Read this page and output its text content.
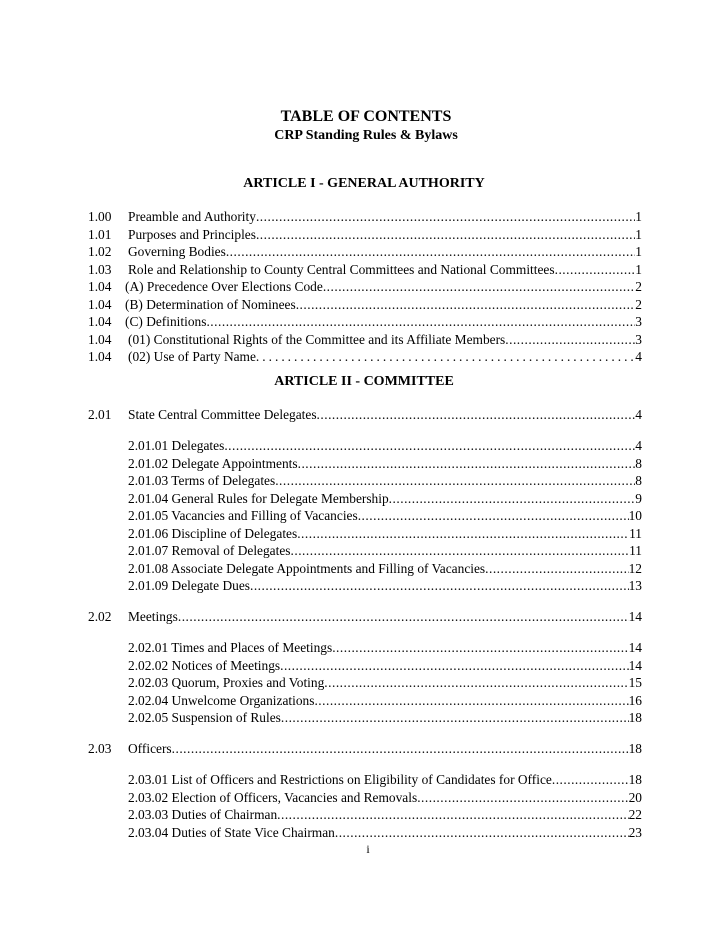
TABLE OF CONTENTS
CRP Standing Rules & Bylaws
ARTICLE I - GENERAL AUTHORITY
1.00	Preamble and Authority .....	1
1.01	Purposes and Principles .....	1
1.02	Governing Bodies .....	1
1.03	Role and Relationship to County Central Committees and National Committees .....	1
1.04	(A) Precedence Over Elections Code .....	2
1.04	(B) Determination of Nominees .....	2
1.04	(C) Definitions .....	3
1.04	(01) Constitutional Rights of the Committee and its Affiliate Members .....	3
1.04	(02) Use of Party Name .....	4
ARTICLE II - COMMITTEE
2.01	State Central Committee Delegates .....	4
2.01.01 Delegates .....	4
2.01.02 Delegate Appointments .....	8
2.01.03 Terms of Delegates .....	8
2.01.04 General Rules for Delegate Membership .....	9
2.01.05 Vacancies and Filling of Vacancies .....	10
2.01.06 Discipline of Delegates .....	11
2.01.07 Removal of Delegates .....	11
2.01.08 Associate Delegate Appointments and Filling of Vacancies .....	12
2.01.09 Delegate Dues .....	13
2.02	Meetings .....	14
2.02.01 Times and Places of Meetings .....	14
2.02.02 Notices of Meetings .....	14
2.02.03 Quorum, Proxies and Voting .....	15
2.02.04 Unwelcome Organizations .....	16
2.02.05 Suspension of Rules .....	18
2.03	Officers .....	18
2.03.01 List of Officers and Restrictions on Eligibility of Candidates for Office .....	18
2.03.02 Election of Officers, Vacancies and Removals .....	20
2.03.03 Duties of Chairman .....	22
2.03.04 Duties of State Vice Chairman .....	23
i
